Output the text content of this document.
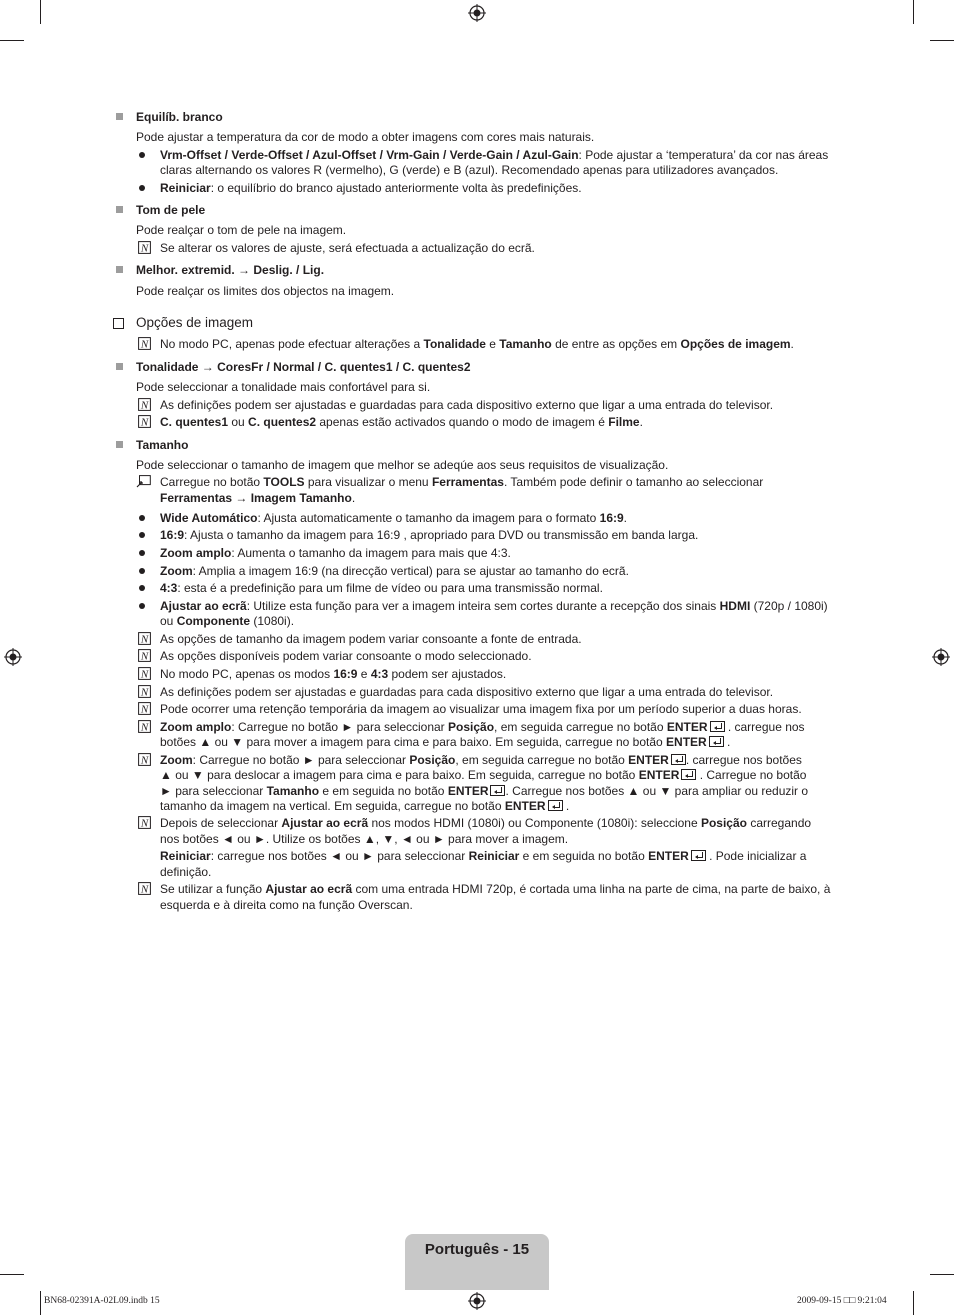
Equilíb. branco
Pode ajustar a temperatura da cor de modo a obter imagens com cores mais naturais.
Vrm-Offset / Verde-Offset / Azul-Offset / Vrm-Gain / Verde-Gain / Azul-Gain: Pode ajustar a ‘temperatura’ da cor nas áreas
claras alternando os valores R (vermelho), G (verde) e B (azul). Recomendado apenas para utilizadores avançados.
Reiniciar: o equilíbrio do branco ajustado anteriormente volta às predefinições.
Tom de pele
Pode realçar o tom de pele na imagem.
N Se alterar os valores de ajuste, será efectuada a actualização do ecrã.
Melhor. extremid. → Deslig. / Lig.
Pode realçar os limites dos objectos na imagem.
Opções de imagem
N No modo PC, apenas pode efectuar alterações a Tonalidade e Tamanho de entre as opções em Opções de imagem.
Tonalidade → CoresFr / Normal / C. quentes1 / C. quentes2
Pode seleccionar a tonalidade mais confortável para si.
N As definições podem ser ajustadas e guardadas para cada dispositivo externo que ligar a uma entrada do televisor.
N C. quentes1 ou C. quentes2 apenas estão activados quando o modo de imagem é Filme.
Tamanho
Pode seleccionar o tamanho de imagem que melhor se adeqúe aos seus requisitos de visualização.
Carregue no botão TOOLS para visualizar o menu Ferramentas. Também pode definir o tamanho ao seleccionar
Ferramentas → Imagem Tamanho.
Wide Automático: Ajusta automaticamente o tamanho da imagem para o formato 16:9.
16:9: Ajusta o tamanho da imagem para 16:9 , apropriado para DVD ou transmissão em banda larga.
Zoom amplo: Aumenta o tamanho da imagem para mais que 4:3.
Zoom: Amplia a imagem 16:9 (na direcção vertical) para se ajustar ao tamanho do ecrã.
4:3: esta é a predefinição para um filme de vídeo ou para uma transmissão normal.
Ajustar ao ecrã: Utilize esta função para ver a imagem inteira sem cortes durante a recepção dos sinais HDMI (720p / 1080i)
ou Componente (1080i).
N As opções de tamanho da imagem podem variar consoante a fonte de entrada.
N As opções disponíveis podem variar consoante o modo seleccionado.
N No modo PC, apenas os modos 16:9 e 4:3 podem ser ajustados.
N As definições podem ser ajustadas e guardadas para cada dispositivo externo que ligar a uma entrada do televisor.
N Pode ocorrer uma retenção temporária da imagem ao visualizar uma imagem fixa por um período superior a duas horas.
N Zoom amplo: Carregue no botão ► para seleccionar Posição, em seguida carregue no botão ENTER . carregue nos
botões ▲ ou ▼ para mover a imagem para cima e para baixo. Em seguida, carregue no botão ENTER .
N Zoom: Carregue no botão ► para seleccionar Posição, em seguida carregue no botão ENTER . carregue nos botões
▲ ou ▼ para deslocar a imagem para cima e para baixo. Em seguida, carregue no botão ENTER . Carregue no botão
► para seleccionar Tamanho e em seguida no botão ENTER . Carregue nos botões ▲ ou ▼ para ampliar ou reduzir o
tamanho da imagem na vertical. Em seguida, carregue no botão ENTER .
N Depois de seleccionar Ajustar ao ecrã nos modos HDMI (1080i) ou Componente (1080i): seleccione Posição carregando
nos botões ◄ ou ►. Utilize os botões ▲, ▼, ◄ ou ► para mover a imagem.
Reiniciar: carregue nos botões ◄ ou ► para seleccionar Reiniciar e em seguida no botão ENTER . Pode inicializar a
definição.
N Se utilizar a função Ajustar ao ecrã com uma entrada HDMI 720p, é cortada uma linha na parte de cima, na parte de baixo, à
esquerda e à direita como na função Overscan.
Português - 15
BN68-02391A-02L09.indb 15	2009-09-15 □□ 9:21:04
